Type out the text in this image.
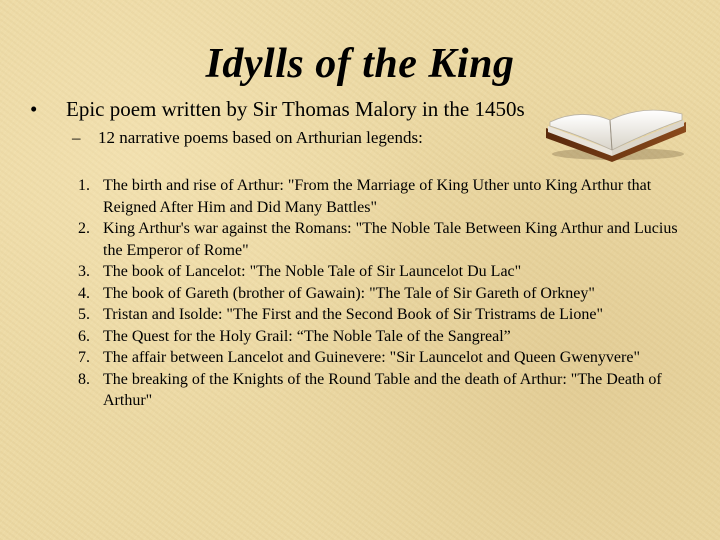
Idylls of the King
• Epic poem written by Sir Thomas Malory in the 1450s
– 12 narrative poems based on Arthurian legends:
1. The birth and rise of Arthur: "From the Marriage of King Uther unto King Arthur that Reigned After Him and Did Many Battles"
2. King Arthur's war against the Romans: "The Noble Tale Between King Arthur and Lucius the Emperor of Rome"
3. The book of Lancelot: "The Noble Tale of Sir Launcelot Du Lac"
4. The book of Gareth (brother of Gawain): "The Tale of Sir Gareth of Orkney"
5. Tristan and Isolde: "The First and the Second Book of Sir Tristrams de Lione"
6. The Quest for the Holy Grail: “The Noble Tale of the Sangreal”
7. The affair between Lancelot and Guinevere: "Sir Launcelot and Queen Gwenyvere"
8. The breaking of the Knights of the Round Table and the death of Arthur: "The Death of Arthur"
